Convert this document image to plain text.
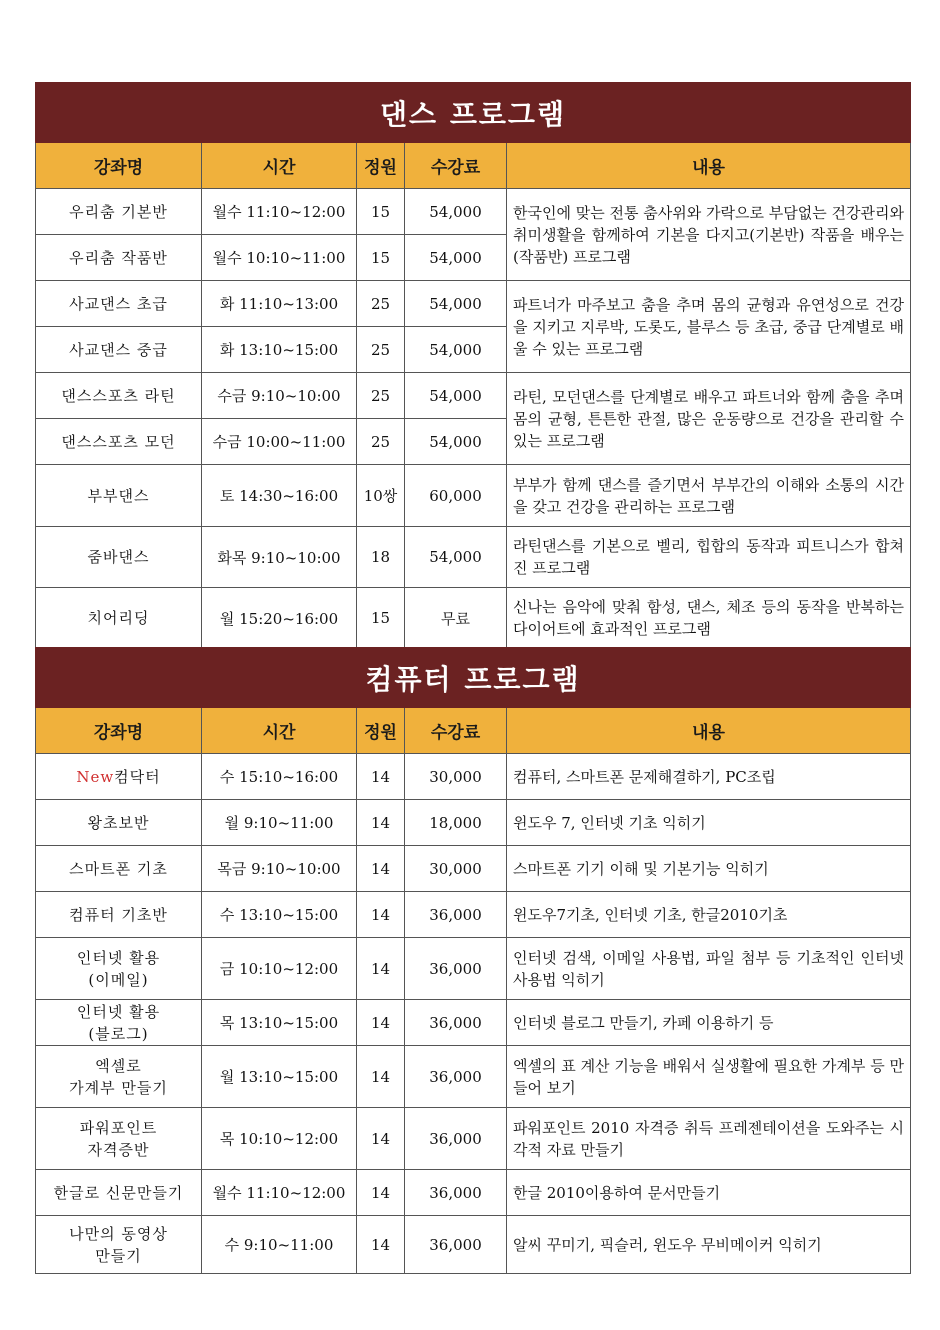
댄스 프로그램				
강좌명	시간	정원	수강료	내용
우리춤 기본반	월수 11:10~12:00	15	54,000	한국인에 맞는 전통 춤사위와 가락으로 부담없는 건강관리와 취미생활을 함께하여 기본을 다지고(기본반) 작품을 배우는(작품반) 프로그램
우리춤 작품반	월수 10:10~11:00	15	54,000	
사교댄스 초급	화 11:10~13:00	25	54,000	파트너가 마주보고 춤을 추며 몸의 균형과 유연성으로 건강을 지키고 지루박, 도롯도, 블루스 등 초급, 중급 단계별로 배울 수 있는 프로그램
사교댄스 중급	화 13:10~15:00	25	54,000	
댄스스포츠 라틴	수금 9:10~10:00	25	54,000	라틴, 모던댄스를 단계별로 배우고 파트너와 함께 춤을 추며 몸의 균형, 튼튼한 관절, 많은 운동량으로 건강을 관리할 수 있는 프로그램
댄스스포츠 모던	수금 10:00~11:00	25	54,000	
부부댄스	토 14:30~16:00	10쌍	60,000	부부가 함께 댄스를 즐기면서 부부간의 이해와 소통의 시간을 갖고 건강을 관리하는 프로그램
줌바댄스	화목 9:10~10:00	18	54,000	라틴댄스를 기본으로 벨리, 힙합의 동작과 피트니스가 합쳐진 프로그램
치어리딩	월 15:20~16:00	15	무료	신나는 음악에 맞춰 함성, 댄스, 체조 등의 동작을 반복하는 다이어트에 효과적인 프로그램
컴퓨터 프로그램				
강좌명	시간	정원	수강료	내용
New컴닥터	수 15:10~16:00	14	30,000	컴퓨터, 스마트폰 문제해결하기, PC조립
왕초보반	월 9:10~11:00	14	18,000	윈도우 7, 인터넷 기초 익히기
스마트폰 기초	목금 9:10~10:00	14	30,000	스마트폰 기기 이해 및 기본기능 익히기
컴퓨터 기초반	수 13:10~15:00	14	36,000	윈도우7기초, 인터넷 기초, 한글2010기초

인터넷 활용
(이메일)	금 10:10~12:00	14	36,000	인터넷 검색, 이메일 사용법, 파일 첨부 등 기초적인 인터넷 사용법 익히기

인터넷 활용
(블로그)	목 13:10~15:00	14	36,000	인터넷 블로그 만들기, 카페 이용하기 등

엑셀로
가계부 만들기	월 13:10~15:00	14	36,000	엑셀의 표 계산 기능을 배워서 실생활에 필요한 가계부 등 만들어 보기

파워포인트
자격증반	목 10:10~12:00	14	36,000	파워포인트 2010 자격증 취득 프레젠테이션을 도와주는 시각적 자료 만들기
한글로 신문만들기	월수 11:10~12:00	14	36,000	한글 2010이용하여 문서만들기

나만의 동영상
만들기	수 9:10~11:00	14	36,000	알씨 꾸미기, 픽슬러, 윈도우 무비메이커 익히기
